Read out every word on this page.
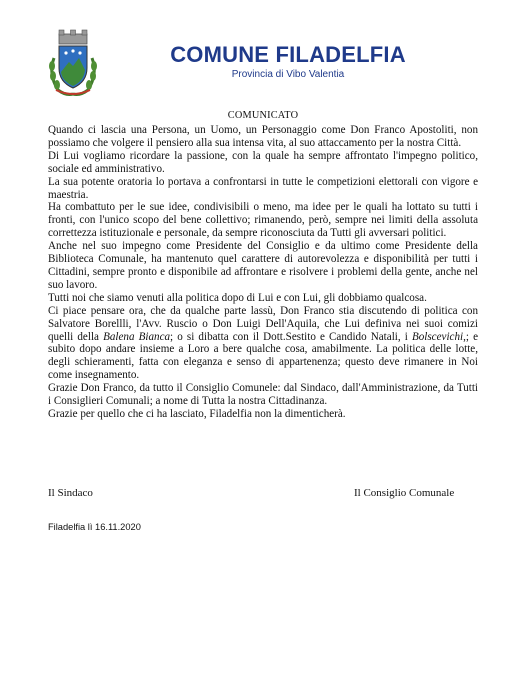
COMUNE FILADELFIA
Provincia di Vibo Valentia
COMUNICATO

Quando ci lascia una Persona, un Uomo, un Personaggio come Don Franco Apostoliti, non possiamo che volgere il pensiero alla sua intensa vita, al suo attaccamento per la nostra Città.

Di Lui vogliamo ricordare la passione, con la quale ha sempre affrontato l'impegno politico, sociale ed amministrativo.

La sua potente oratoria lo portava a confrontarsi in tutte le competizioni elettorali con vigore e maestria.

Ha combattuto per le sue idee, condivisibili o meno, ma idee per le quali ha lottato su tutti i fronti, con l'unico scopo del bene collettivo; rimanendo, però, sempre nei limiti della assoluta correttezza istituzionale e personale, da sempre riconosciuta da Tutti gli avversari politici.

Anche nel suo impegno come Presidente del Consiglio e da ultimo come Presidente della Biblioteca Comunale, ha mantenuto quel carattere di autorevolezza e disponibilità per tutti i Cittadini, sempre pronto e disponibile ad affrontare e risolvere i problemi della gente, anche nel suo lavoro.

Tutti noi che siamo venuti alla politica dopo di Lui e con Lui, gli dobbiamo qualcosa.

Ci piace pensare ora, che da qualche parte lassù, Don Franco stia discutendo di politica con Salvatore Borellli, l'Avv. Ruscio o Don Luigi Dell'Aquila, che Lui definiva nei suoi comizi quelli della Balena Bianca; o si dibatta con il Dott.Sestito e Candido Natali, i Bolscevichi,; e subito dopo andare insieme a Loro a bere qualche cosa, amabilmente. La politica delle lotte, degli schieramenti, fatta con eleganza e senso di appartenenza; questo deve rimanere in Noi come insegnamento.

Grazie Don Franco, da tutto il Consiglio Comunele: dal Sindaco, dall'Amministrazione, da Tutti i Consiglieri Comunali; a nome di Tutta la nostra Cittadinanza.

Grazie per quello che ci ha lasciato, Filadelfia non la dimenticherà.

Il Sindaco	Il Consiglio Comunale
Filadelfia lì 16.11.2020
